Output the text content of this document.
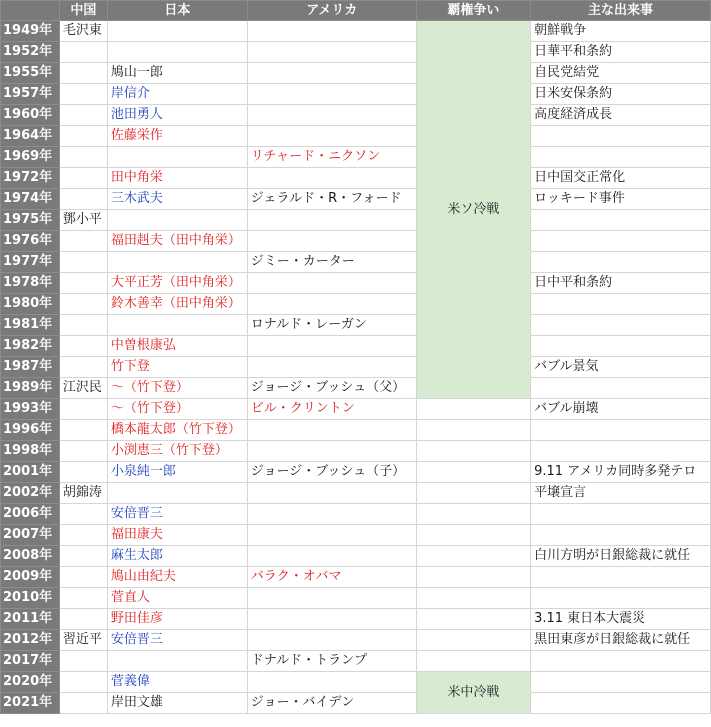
	中国	日本	アメリカ	覇権争い	主な出来事
1949年	毛沢東			米ソ冷戦	朝鮮戦争
1952年					日華平和条約
1955年		鳩山一郎			自民党結党
1957年		岸信介			日米安保条約
1960年		池田勇人			高度経済成長
1964年		佐藤栄作			
1969年			リチャード・ニクソン		
1972年		田中角栄			日中国交正常化
1974年		三木武夫	ジェラルド・R・フォード		ロッキード事件
1975年	鄧小平				
1976年		福田赳夫（田中角栄）			
1977年			ジミー・カーター		
1978年		大平正芳（田中角栄）			日中平和条約
1980年		鈴木善幸（田中角栄）			
1981年			ロナルド・レーガン		
1982年		中曽根康弘			
1987年		竹下登			バブル景気
1989年	江沢民	～（竹下登）	ジョージ・ブッシュ（父）		
1993年		～（竹下登）	ビル・クリントン		バブル崩壊
1996年		橋本龍太郎（竹下登）			
1998年		小渕恵三（竹下登）			
2001年		小泉純一郎	ジョージ・ブッシュ（子）		9.11 アメリカ同時多発テロ
2002年	胡錦涛				平壌宣言
2006年		安倍晋三			
2007年		福田康夫			
2008年		麻生太郎			白川方明が日銀総裁に就任
2009年		鳩山由紀夫	バラク・オバマ		
2010年		菅直人			
2011年		野田佳彦			3.11 東日本大震災
2012年	習近平	安倍晋三			黒田東彦が日銀総裁に就任
2017年			ドナルド・トランプ		
2020年		菅義偉		米中冷戦	
2021年		岸田文雄	ジョー・バイデン		
